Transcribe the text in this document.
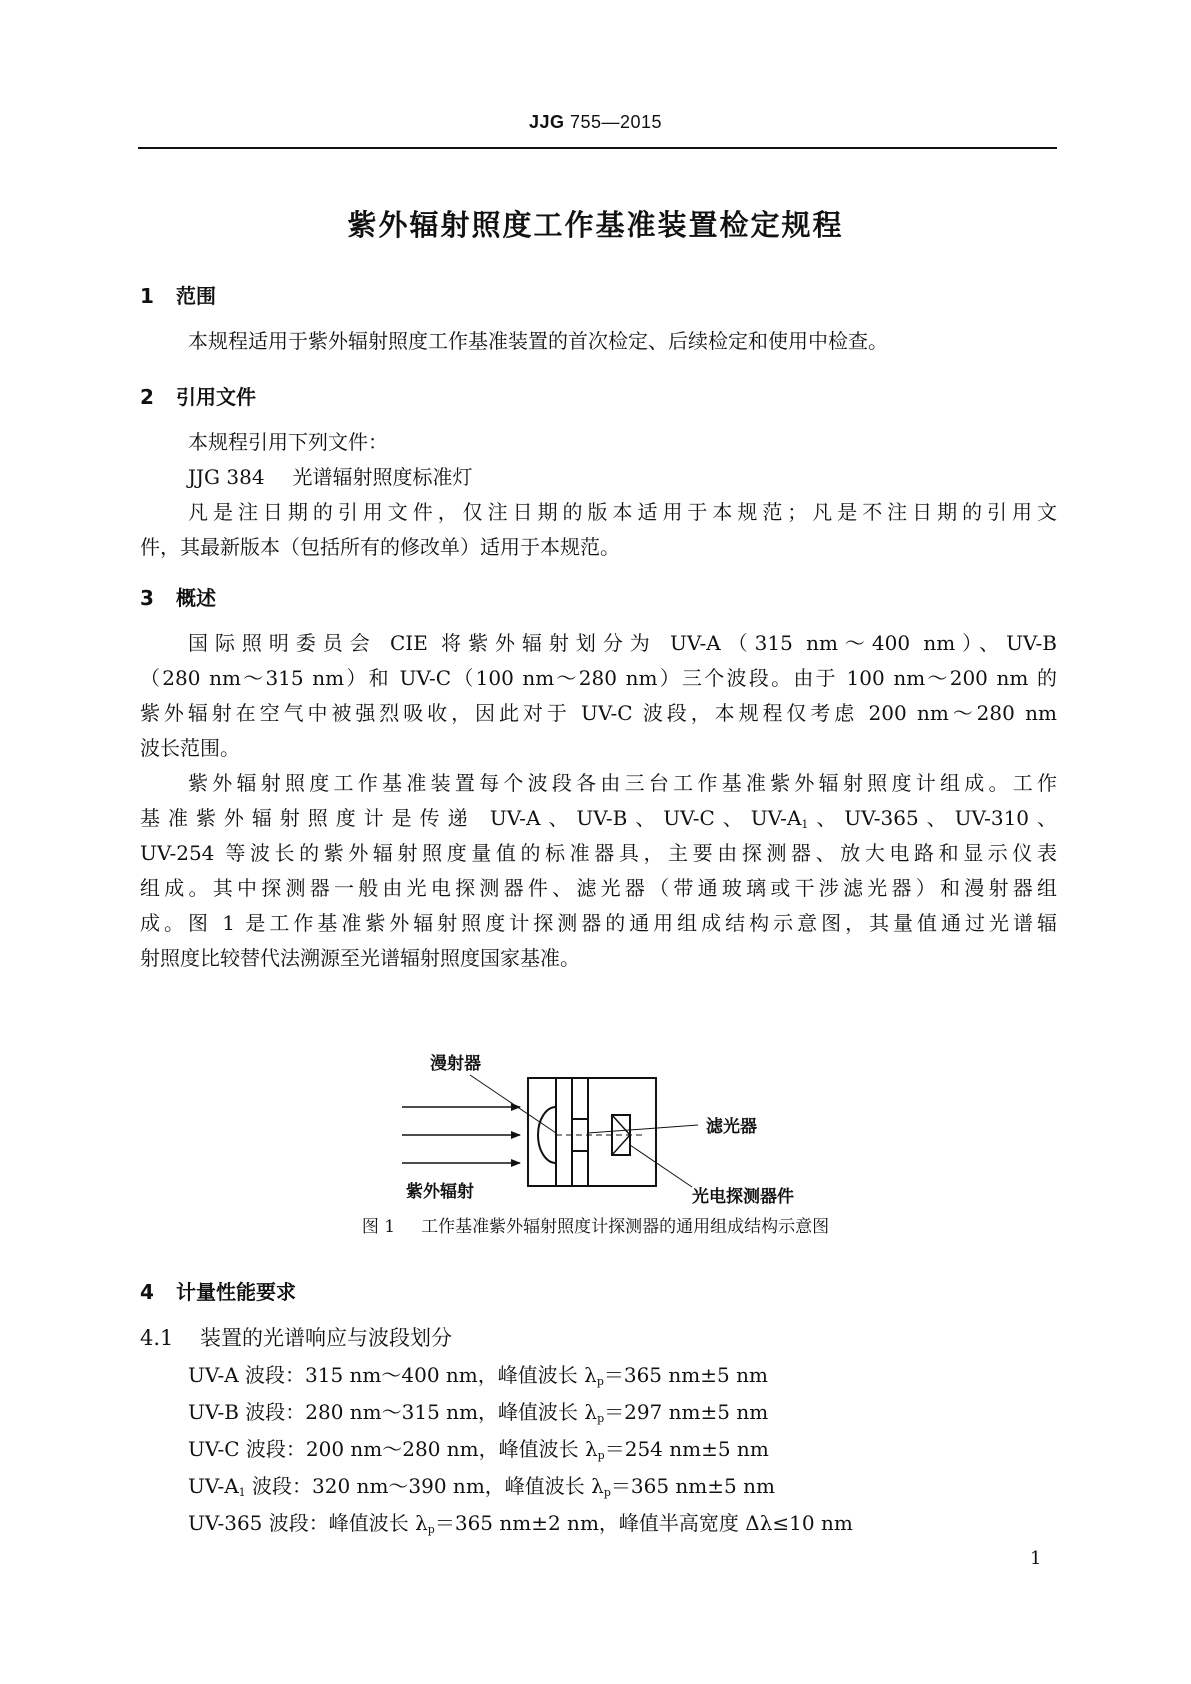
JJG 755—2015
紫外辐射照度工作基准装置检定规程
1 范围
本规程适用于紫外辐射照度工作基准装置的首次检定、后续检定和使用中检查。
2 引用文件
本规程引用下列文件：
JJG 384 光谱辐射照度标准灯
凡是注日期的引用文件，仅注日期的版本适用于本规范；凡是不注日期的引用文
件，其最新版本（包括所有的修改单）适用于本规范。
3 概述
国际照明委员会 CIE 将紫外辐射划分为 UV-A（315 nm～400 nm）、UV-B
（280 nm～315 nm）和 UV-C（100 nm～280 nm）三个波段。由于 100 nm～200 nm 的
紫外辐射在空气中被强烈吸收，因此对于 UV-C 波段，本规程仅考虑 200 nm～280 nm
波长范围。
紫外辐射照度工作基准装置每个波段各由三台工作基准紫外辐射照度计组成。工作
基准紫外辐射照度计是传递 UV-A、UV-B、UV-C、$UV-A_1$、UV-365、UV-310、
UV-254 等波长的紫外辐射照度量值的标准器具，主要由探测器、放大电路和显示仪表
组成。其中探测器一般由光电探测器件、滤光器（带通玻璃或干涉滤光器）和漫射器组
成。图 1 是工作基准紫外辐射照度计探测器的通用组成结构示意图，其量值通过光谱辐
射照度比较替代法溯源至光谱辐射照度国家基准。
漫射器
滤光器
紫外辐射	光电探测器件
图 1 工作基准紫外辐射照度计探测器的通用组成结构示意图
4 计量性能要求
4.1 装置的光谱响应与波段划分
UV-A 波段：315 nm～400 nm，峰值波长 $\lambda_p=365$ nm±5 nm
UV-B 波段：280 nm～315 nm，峰值波长 $\lambda_p=297$ nm±5 nm
UV-C 波段：200 nm～280 nm，峰值波长 $\lambda_p=254$ nm±5 nm
$UV-A_1$ 波段：320 nm～390 nm，峰值波长 $\lambda_p=365$ nm±5 nm
UV-365 波段：峰值波长 $\lambda_p=365$ nm±2 nm，峰值半高宽度 Δλ≤10 nm
1
